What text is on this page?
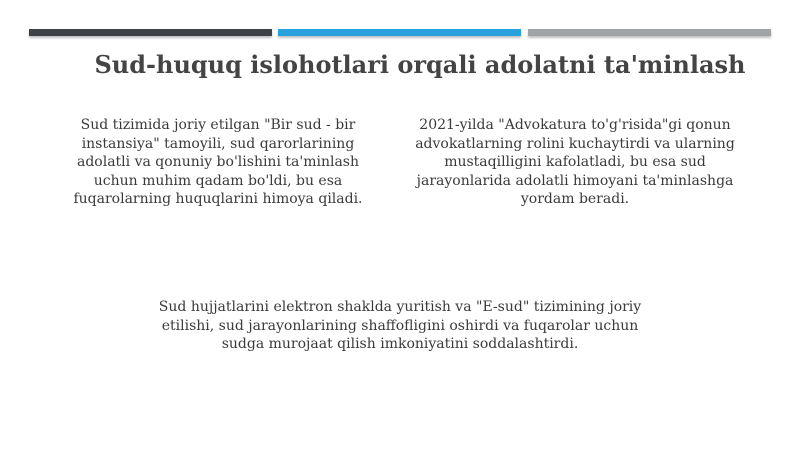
Sud-huquq islohotlari orqali adolatni ta'minlash
Sud tizimida joriy etilgan "Bir sud - bir instansiya" tamoyili, sud qarorlarining adolatli va qonuniy bo'lishini ta'minlash uchun muhim qadam bo'ldi, bu esa fuqarolarning huquqlarini himoya qiladi.
2021-yilda "Advokatura to'g'risida"gi qonun advokatlarning rolini kuchaytirdi va ularning mustaqilligini kafolatladi, bu esa sud jarayonlarida adolatli himoyani ta'minlashga yordam beradi.
Sud hujjatlarini elektron shaklda yuritish va "E-sud" tizimining joriy etilishi, sud jarayonlarining shaffofligini oshirdi va fuqarolar uchun sudga murojaat qilish imkoniyatini soddalashtirdi.
